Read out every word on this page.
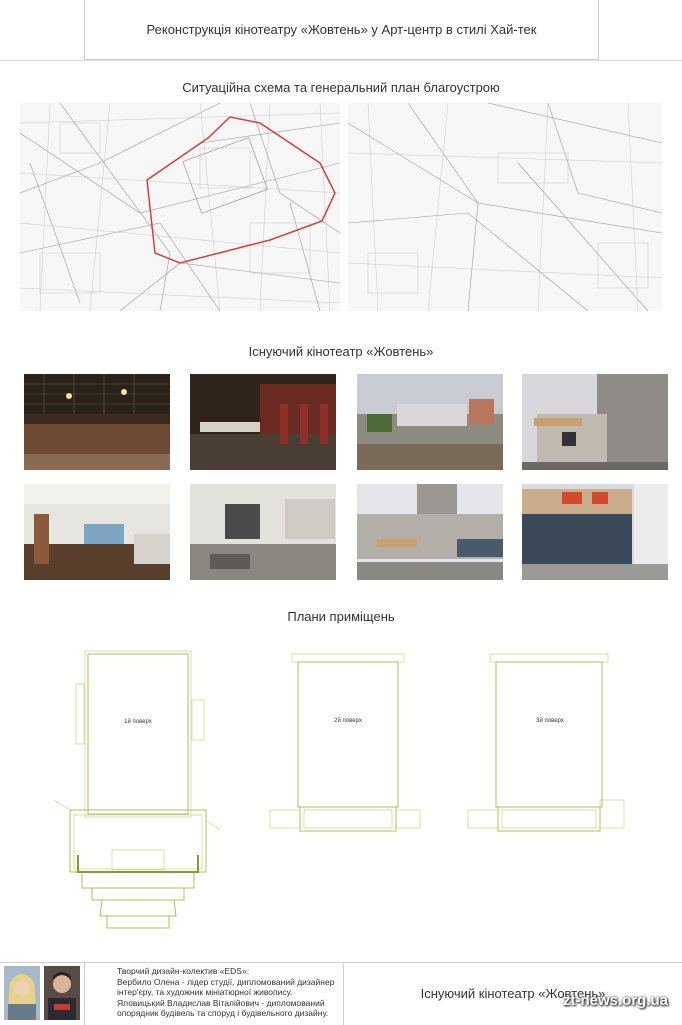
Реконструкція кінотеатру «Жовтень» у Арт-центр в стилі Хай-тек
Ситуаційна схема та генеральний план благоустрою
Існуючий кінотеатр «Жовтень»
Плани приміщень
1й поверх	2й поверх	3й поверх
Творчий дизайн-колектив «EDS»:
Вербило Олена - лідер студії, дипломований дизайнер
інтер'єру, та художник мініатюрної живопису.
Яловицький Владислав Віталійович - дипломований
опорядник будівель та споруд і будівельного дизайну.
Існуючий кінотеатр «Жовтень»
zt-news.org.ua
